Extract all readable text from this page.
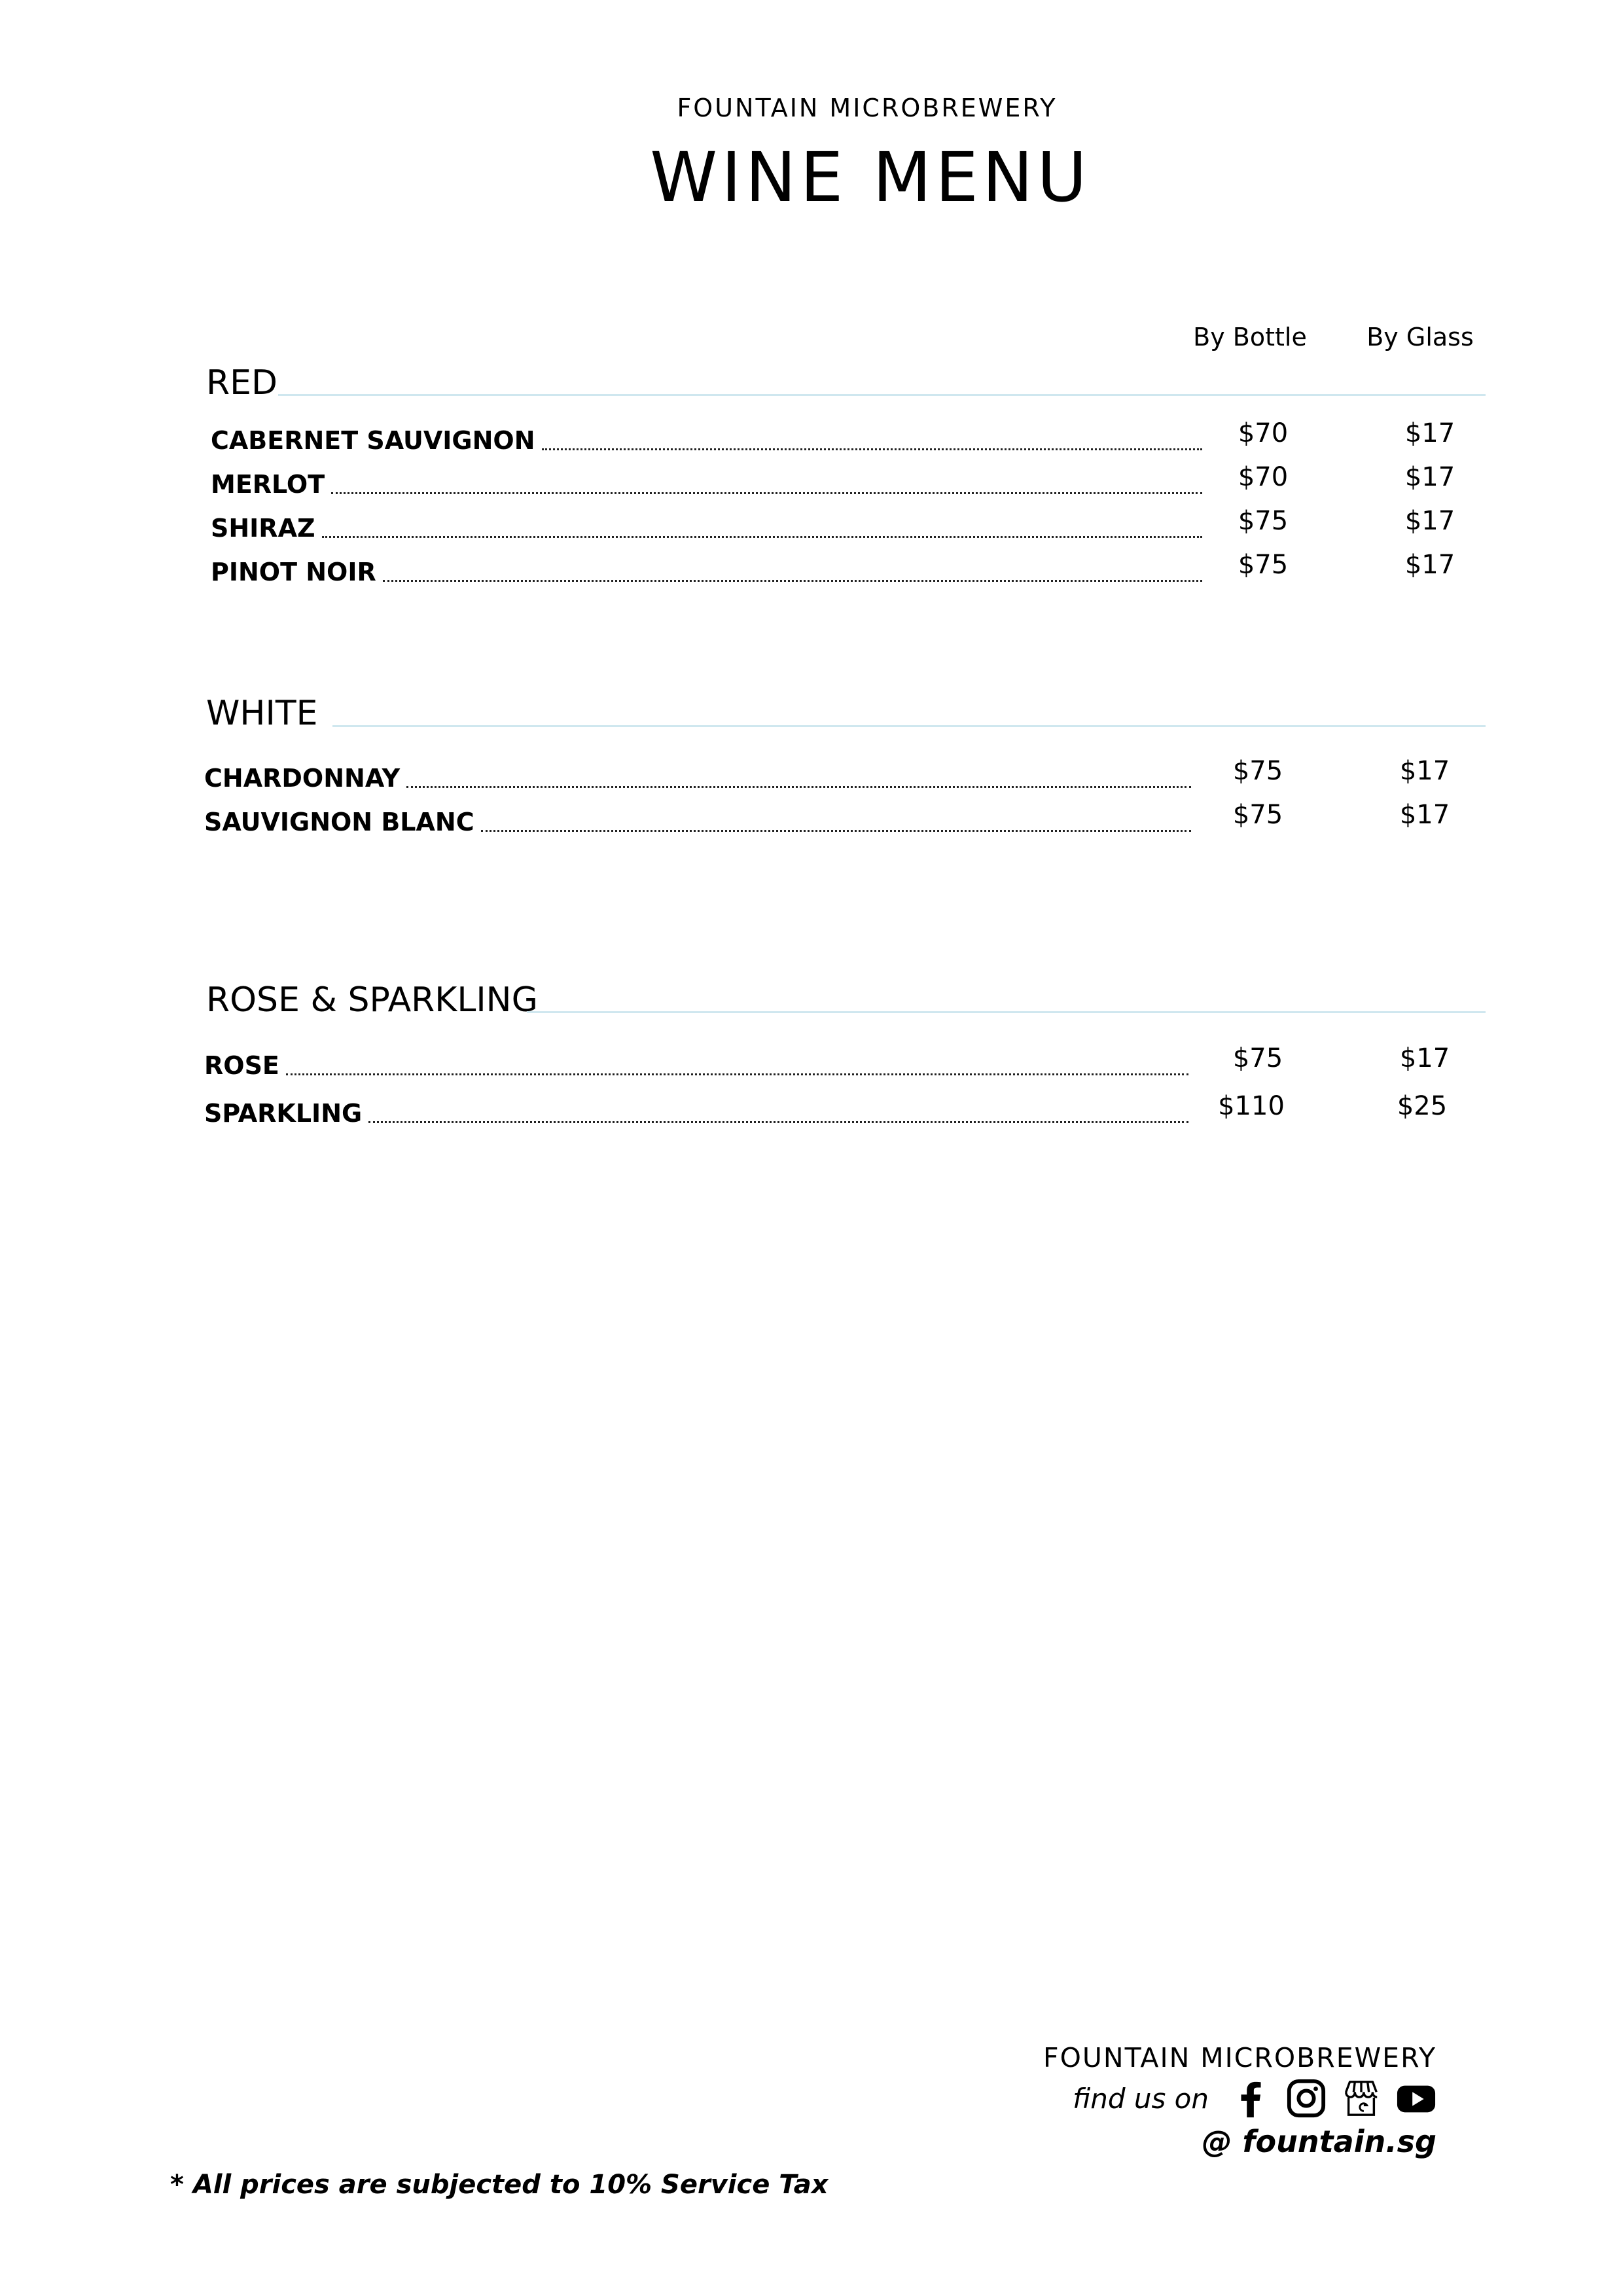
FOUNTAIN MICROBREWERY
WINE MENU
By Bottle	By Glass
RED
CABERNET SAUVIGNON	$70	$17
MERLOT	$70	$17
SHIRAZ	$75	$17
PINOT NOIR	$75	$17
WHITE
CHARDONNAY	$75	$17
SAUVIGNON BLANC	$75	$17
ROSE & SPARKLING
ROSE	$75	$17
SPARKLING	$110	$25
FOUNTAIN MICROBREWERY
find us on
@ fountain.sg
* All prices are subjected to 10% Service Tax
